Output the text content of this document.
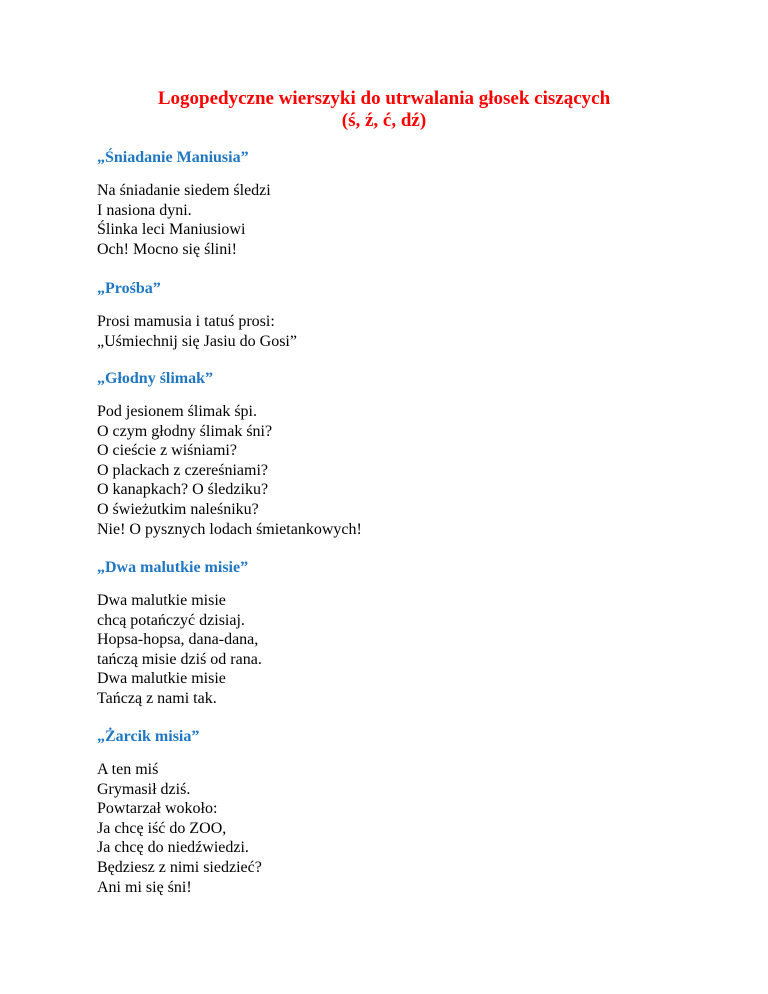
Logopedyczne wierszyki do utrwalania głosek ciszących
(ś, ź, ć, dź)
„Śniadanie Maniusia”

Na śniadanie siedem śledzi

I nasiona dyni.

Ślinka leci Maniusiowi

Och! Mocno się ślini!

„Prośba”

Prosi mamusia i tatuś prosi:

„Uśmiechnij się Jasiu do Gosi”

„Głodny ślimak”

Pod jesionem ślimak śpi.

O czym głodny ślimak śni?

O cieście z wiśniami?

O plackach z czereśniami?

O kanapkach? O śledziku?

O świeżutkim naleśniku?

Nie! O pysznych lodach śmietankowych!

„Dwa malutkie misie”

Dwa malutkie misie

chcą potańczyć dzisiaj.

Hopsa-hopsa, dana-dana,

tańczą misie dziś od rana.

Dwa malutkie misie

Tańczą z nami tak.

„Żarcik misia”

A ten miś

Grymasił dziś.

Powtarzał wokoło:

Ja chcę iść do ZOO,

Ja chcę do niedźwiedzi.

Będziesz z nimi siedzieć?

Ani mi się śni!
